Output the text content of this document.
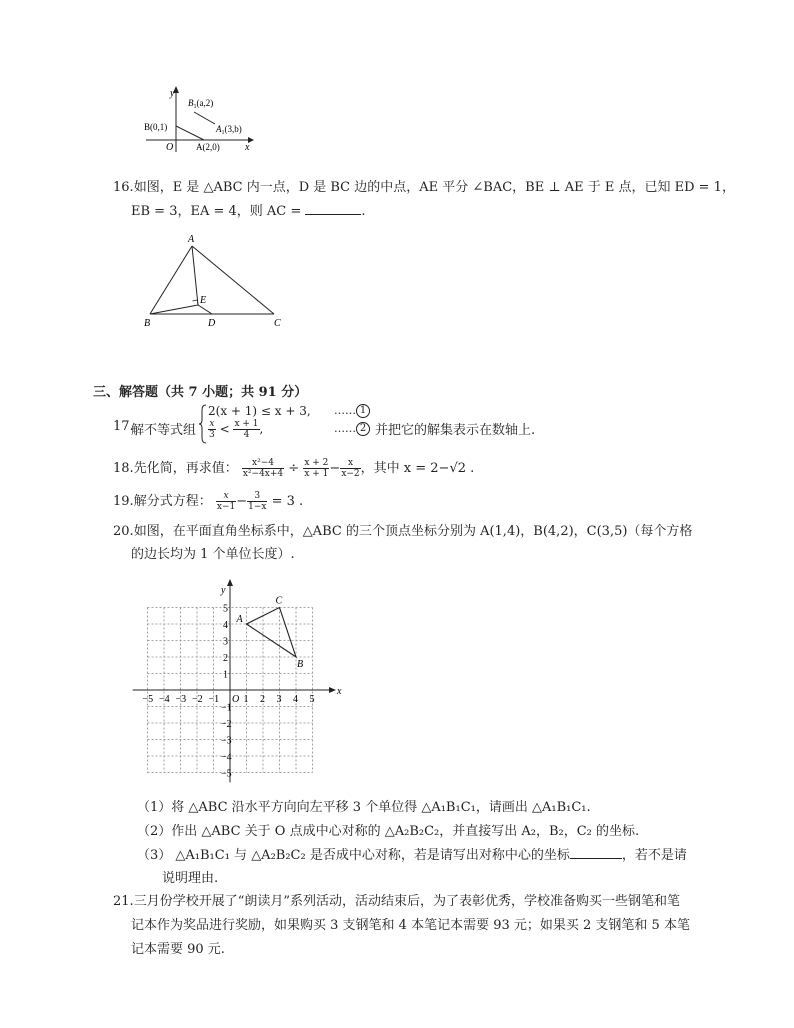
y
x
O
B(0,1)
A(2,0)
$B_1(a,2)$
$A_1(3,b)$
16.如图，E 是 △ABC 内一点，D 是 BC 边的中点，AE 平分 ∠BAC，BE ⊥ AE 于 E 点，已知 ED = 1，
EB = 3，EA = 4，则 AC =	.
A
B	C
D
E
三、解答题（共 7 小题；共 91 分）
17.
解不等式组
2(x + 1) ≤ x + 3,
$\frac{x}{3} < \frac{x + 1}{4}$ ,
…… 1
…… 2 并把它的解集表示在数轴上.
18.先化简，再求值： $\frac{\text{x²−4}}{\text{x²−4x+4}} \div \frac{x + 2}{x + 1} - \frac{x}{x-2}$ ，其中 x = 2−√2 .
19.解分式方程： $\frac{x}{x-1} - \frac{3}{1-x} = 3$ .
20.如图，在平面直角坐标系中，△ABC 的三个顶点坐标分别为 A(1,4)，B(4,2)，C(3,5)（每个方格
的边长均为 1 个单位长度）.
−5 −4 −3 −2 −1 1 2 3 4 5
5
4
3
2
1
−1
−2
−3
−4
−5
O
x
y
A
B
C
（1）将 △ABC 沿水平方向向左平移 3 个单位得 △A₁B₁C₁，请画出 △A₁B₁C₁.
（2）作出 △ABC 关于 O 点成中心对称的 △A₂B₂C₂，并直接写出 A₂，B₂，C₂ 的坐标.
（3） △A₁B₁C₁ 与 △A₂B₂C₂ 是否成中心对称，若是请写出对称中心的坐标	，若不是请
说明理由.
21.三月份学校开展了“朗读月”系列活动，活动结束后，为了表彰优秀，学校准备购买一些钢笔和笔
记本作为奖品进行奖励，如果购买 3 支钢笔和 4 本笔记本需要 93 元；如果买 2 支钢笔和 5 本笔
记本需要 90 元.
